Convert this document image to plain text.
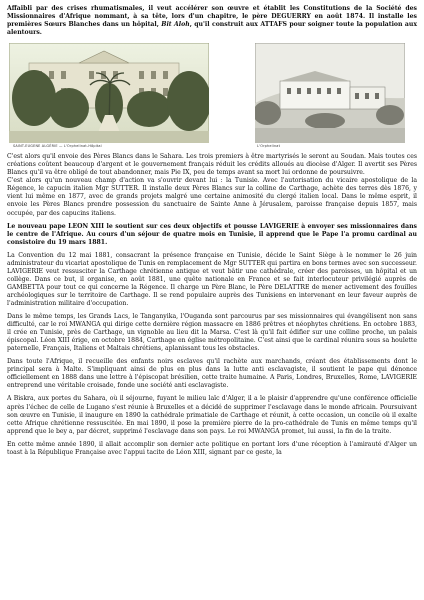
Affaibli par des crises rhumatismales, il veut accélérer son œuvre et établit les Constitutions de la Société des Missionnaires d'Afrique nommant, à sa tête, lors d'un chapitre, le père DEGUERRY en août 1874. Il installe les premières Sœurs Blanches dans un hôpital, Bit Aloh, qu'il construit aux ATTAFS pour soigner toute la population aux alentours.

SAINT-EUGENE ALGÉRIE — L'Orphelinat-Hôpital	L'Orphelinat

C'est alors qu'il envoie des Pères Blancs dans le Sahara. Les trois premiers à être martyrisés le seront au Soudan. Mais toutes ces créations coûtent beaucoup d'argent et le gouvernement français réduit les crédits alloués au diocèse d'Alger. Il avertit ses Pères Blancs qu'il va être obligé de tout abandonner, mais Pie IX, peu de temps avant sa mort lui ordonne de poursuivre.
C'est alors qu'un nouveau champ d'action va s'ouvrir devant lui : la Tunisie. Avec l'autorisation du vicaire apostolique de la Régence, le capucin italien Mgr SUTTER. Il installe deux Pères Blancs sur la colline de Carthage, achète des terres dès 1876, y vient lui même en 1877, avec de grands projets malgré une certaine animosité du clergé italien local. Dans le même esprit, il envoie les Pères Blancs prendre possession du sanctuaire de Sainte Anne à Jérusalem, paroisse française depuis 1857, mais occupée, par des capucins italiens.

Le nouveau pape LEON XIII le soutient sur ces deux objectifs et pousse LAVIGERIE à envoyer ses missionnaires dans le centre de l'Afrique. Au cours d'un séjour de quatre mois en Tunisie, il apprend que le Pape l'a promu cardinal au consistoire du 19 mars 1881.

La Convention du 12 mai 1881, consacrant la présence française en Tunisie, décide le Saint Siège à le nommer le 26 juin administrateur du vicariat apostolique de Tunis en remplacement de Mgr SUTTER qui partira en bons termes avec son successeur. LAVIGERIE veut ressusciter la Carthage chrétienne antique et veut bâtir une cathédrale, créer des paroisses, un hôpital et un collège. Dans ce but, il organise, en août 1881, une quête nationale en France et se fait interlocuteur privilégié auprès de GAMBETTA pour tout ce qui concerne la Régence. Il charge un Père Blanc, le Père DELATTRE de mener activement des fouilles archéologiques sur le territoire de Carthage. Il se rend populaire auprès des Tunisiens en intervenant en leur faveur auprès de l'administration militaire d'occupation.

Dans le même temps, les Grands Lacs, le Tanganyika, l'Ouganda sont parcourus par ses missionnaires qui évangélisent non sans difficulté, car le roi MWANGA qui dirige cette dernière région massacre en 1886 prêtres et néophytes chrétiens. En octobre 1883, il crée en Tunisie, près de Carthage, un vignoble au lieu dit la Marsa. C'est là qu'il fait édifier sur une colline proche, un palais épiscopal. Léon XIII érige, en octobre 1884, Carthage en église métropolitaine. C'est ainsi que le cardinal réunira sous sa houlette paternelle, Français, Italiens et Maltais chrétiens, aplanissant tous les obstacles.

Dans toute l'Afrique, il recueille des enfants noirs esclaves qu'il rachète aux marchands, créant des établissements dont le principal sera à Malte. S'impliquant ainsi de plus en plus dans la lutte anti esclavagiste, il soutient le pape qui dénonce officiellement en 1888 dans une lettre à l'épiscopat brésilien, cette traite humaine. A Paris, Londres, Bruxelles, Rome, LAVIGERIE entreprend une véritable croisade, fonde une société anti esclavagiste.

A Biskra, aux portes du Sahara, où il séjourne, fuyant le milieu laïc d'Alger, il a le plaisir d'apprendre qu'une conférence officielle après l'échec de celle de Lugano s'est réunie à Bruxelles et a décidé de supprimer l'esclavage dans le monde africain. Poursuivant son œuvre en Tunisie, il inaugure en 1890 la cathédrale primatiale de Carthage et réunit, à cette occasion, un concile où il exalte cette Afrique chrétienne ressuscitée. En mai 1890, il pose la première pierre de la pro-cathédrale de Tunis en même temps qu'il apprend que le bey a, par décret, supprimé l'esclavage dans son pays. Le roi MWANGA promet, lui aussi, la fin de la traite.

En cette même année 1890, il allait accomplir son dernier acte politique en portant lors d'une réception à l'amirauté d'Alger un toast à la République Française avec l'appui tacite de Léon XIII, signant par ce geste, la
